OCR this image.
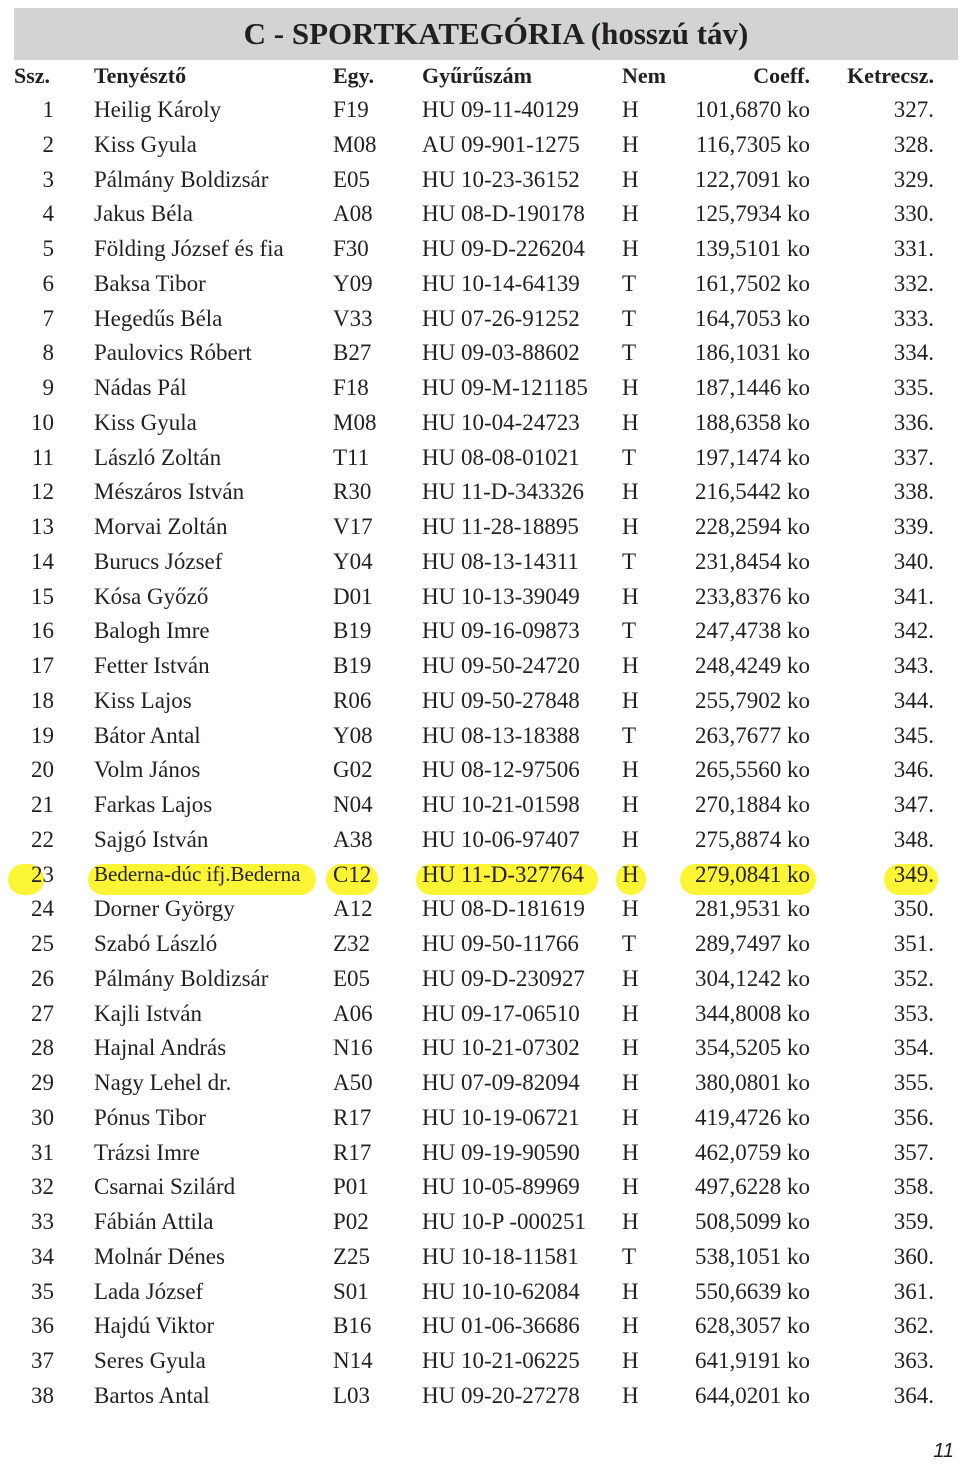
C - SPORTKATEGÓRIA (hosszú táv)
Ssz. Tenyésztő	Egy. Gyűrűszám	Nem	Coeff. Ketrecsz.
1 Heilig Károly	F19 HU 09-11-40129 H 101,6870 ko	327.
2 Kiss Gyula	M08 AU 09-901-1275 H 116,7305 ko	328.
3 Pálmány Boldizsár	E05 HU 10-23-36152 H 122,7091 ko	329.
4 Jakus Béla	A08 HU 08-D-190178 H 125,7934 ko	330.
5 Földing József és fia F30 HU 09-D-226204 H 139,5101 ko	331.
6 Baksa Tibor	Y09 HU 10-14-64139 T	161,7502 ko	332.
7 Hegedűs Béla	V33 HU 07-26-91252 T	164,7053 ko	333.
8 Paulovics Róbert	B27 HU 09-03-88602 T	186,1031 ko	334.
9 Nádas Pál	F18 HU 09-M-121185 H 187,1446 ko	335.
10 Kiss Gyula	M08 HU 10-04-24723 H 188,6358 ko	336.
11 László Zoltán	T11 HU 08-08-01021 T	197,1474 ko	337.
12 Mészáros István	R30 HU 11-D-343326 H 216,5442 ko	338.
13 Morvai Zoltán	V17 HU 11-28-18895 H 228,2594 ko	339.
14 Burucs József	Y04 HU 08-13-14311 T	231,8454 ko	340.
15 Kósa Győző	D01 HU 10-13-39049 H 233,8376 ko	341.
16 Balogh Imre	B19 HU 09-16-09873 T	247,4738 ko	342.
17 Fetter István	B19 HU 09-50-24720 H 248,4249 ko	343.
18 Kiss Lajos	R06 HU 09-50-27848 H 255,7902 ko	344.
19 Bátor Antal	Y08 HU 08-13-18388 T	263,7677 ko	345.
20 Volm János	G02 HU 08-12-97506 H 265,5560 ko	346.
21 Farkas Lajos	N04 HU 10-21-01598 H 270,1884 ko	347.
22 Sajgó István	A38 HU 10-06-97407 H 275,8874 ko	348.
23 Bederna-dúc ifj.Bederna C12 HU 11-D-327764 H 279,0841 ko	349.
24 Dorner György	A12 HU 08-D-181619 H 281,9531 ko	350.
25 Szabó László	Z32 HU 09-50-11766 T	289,7497 ko	351.
26 Pálmány Boldizsár	E05 HU 09-D-230927 H 304,1242 ko	352.
27 Kajli István	A06 HU 09-17-06510 H 344,8008 ko	353.
28 Hajnal András	N16 HU 10-21-07302 H 354,5205 ko	354.
29 Nagy Lehel dr.	A50 HU 07-09-82094 H 380,0801 ko	355.
30 Pónus Tibor	R17 HU 10-19-06721 H 419,4726 ko	356.
31 Trázsi Imre	R17 HU 09-19-90590 H 462,0759 ko	357.
32 Csarnai Szilárd	P01 HU 10-05-89969 H 497,6228 ko	358.
33 Fábián Attila	P02 HU 10-P -000251 H 508,5099 ko	359.
34 Molnár Dénes	Z25 HU 10-18-11581 T	538,1051 ko	360.
35 Lada József	S01 HU 10-10-62084 H 550,6639 ko	361.
36 Hajdú Viktor	B16 HU 01-06-36686 H 628,3057 ko	362.
37 Seres Gyula	N14 HU 10-21-06225 H 641,9191 ko	363.
38 Bartos Antal	L03 HU 09-20-27278 H 644,0201 ko	364.
11
